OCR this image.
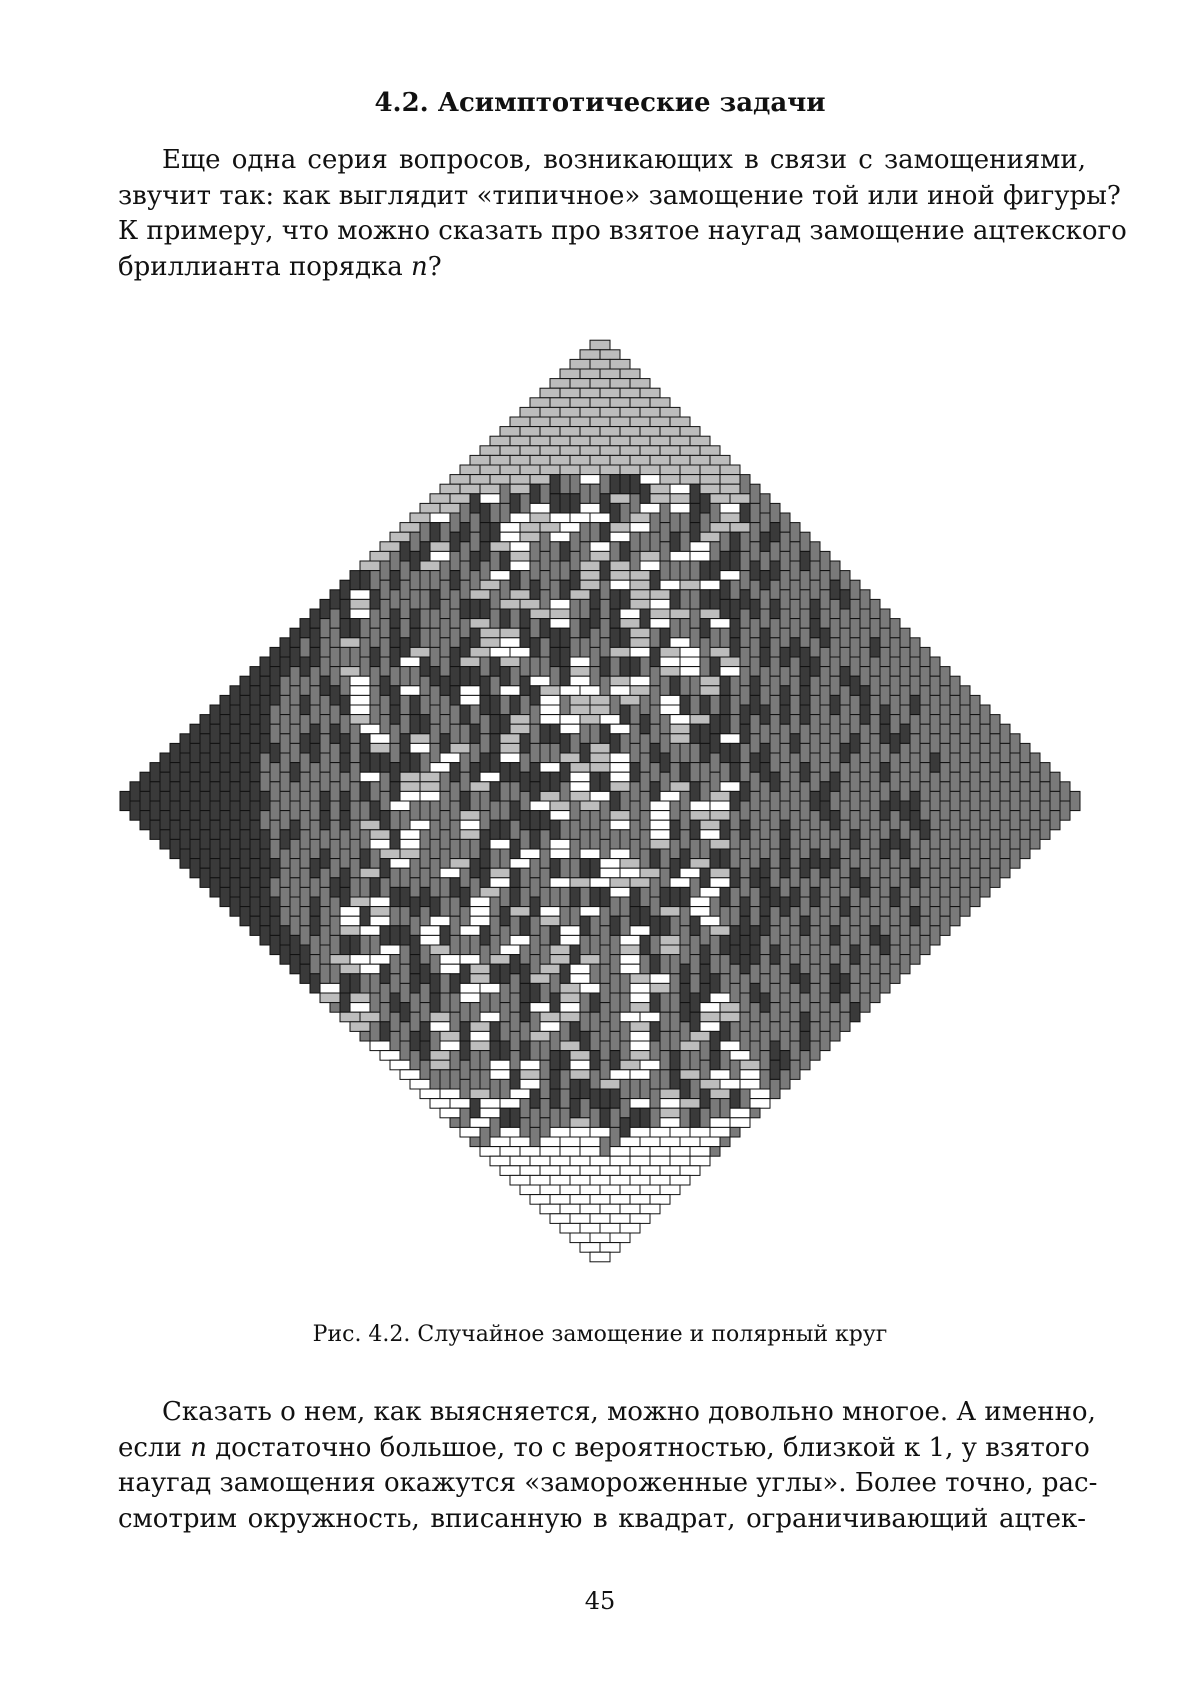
4.2. Асимптотические задачи

Еще одна серия вопросов, возникающих в связи с замощениями,
звучит так: как выглядит «типичное» замощение той или иной фигуры?
К примеру, что можно сказать про взятое наугад замощение ацтекского
бриллианта порядка n?

Рис. 4.2. Случайное замощение и полярный круг

Сказать о нем, как выясняется, можно довольно многое. А именно,
если n достаточно большое, то с вероятностью, близкой к 1, у взятого
наугад замощения окажутся «замороженные углы». Более точно, рас-
смотрим окружность, вписанную в квадрат, ограничивающий ацтек-

45
